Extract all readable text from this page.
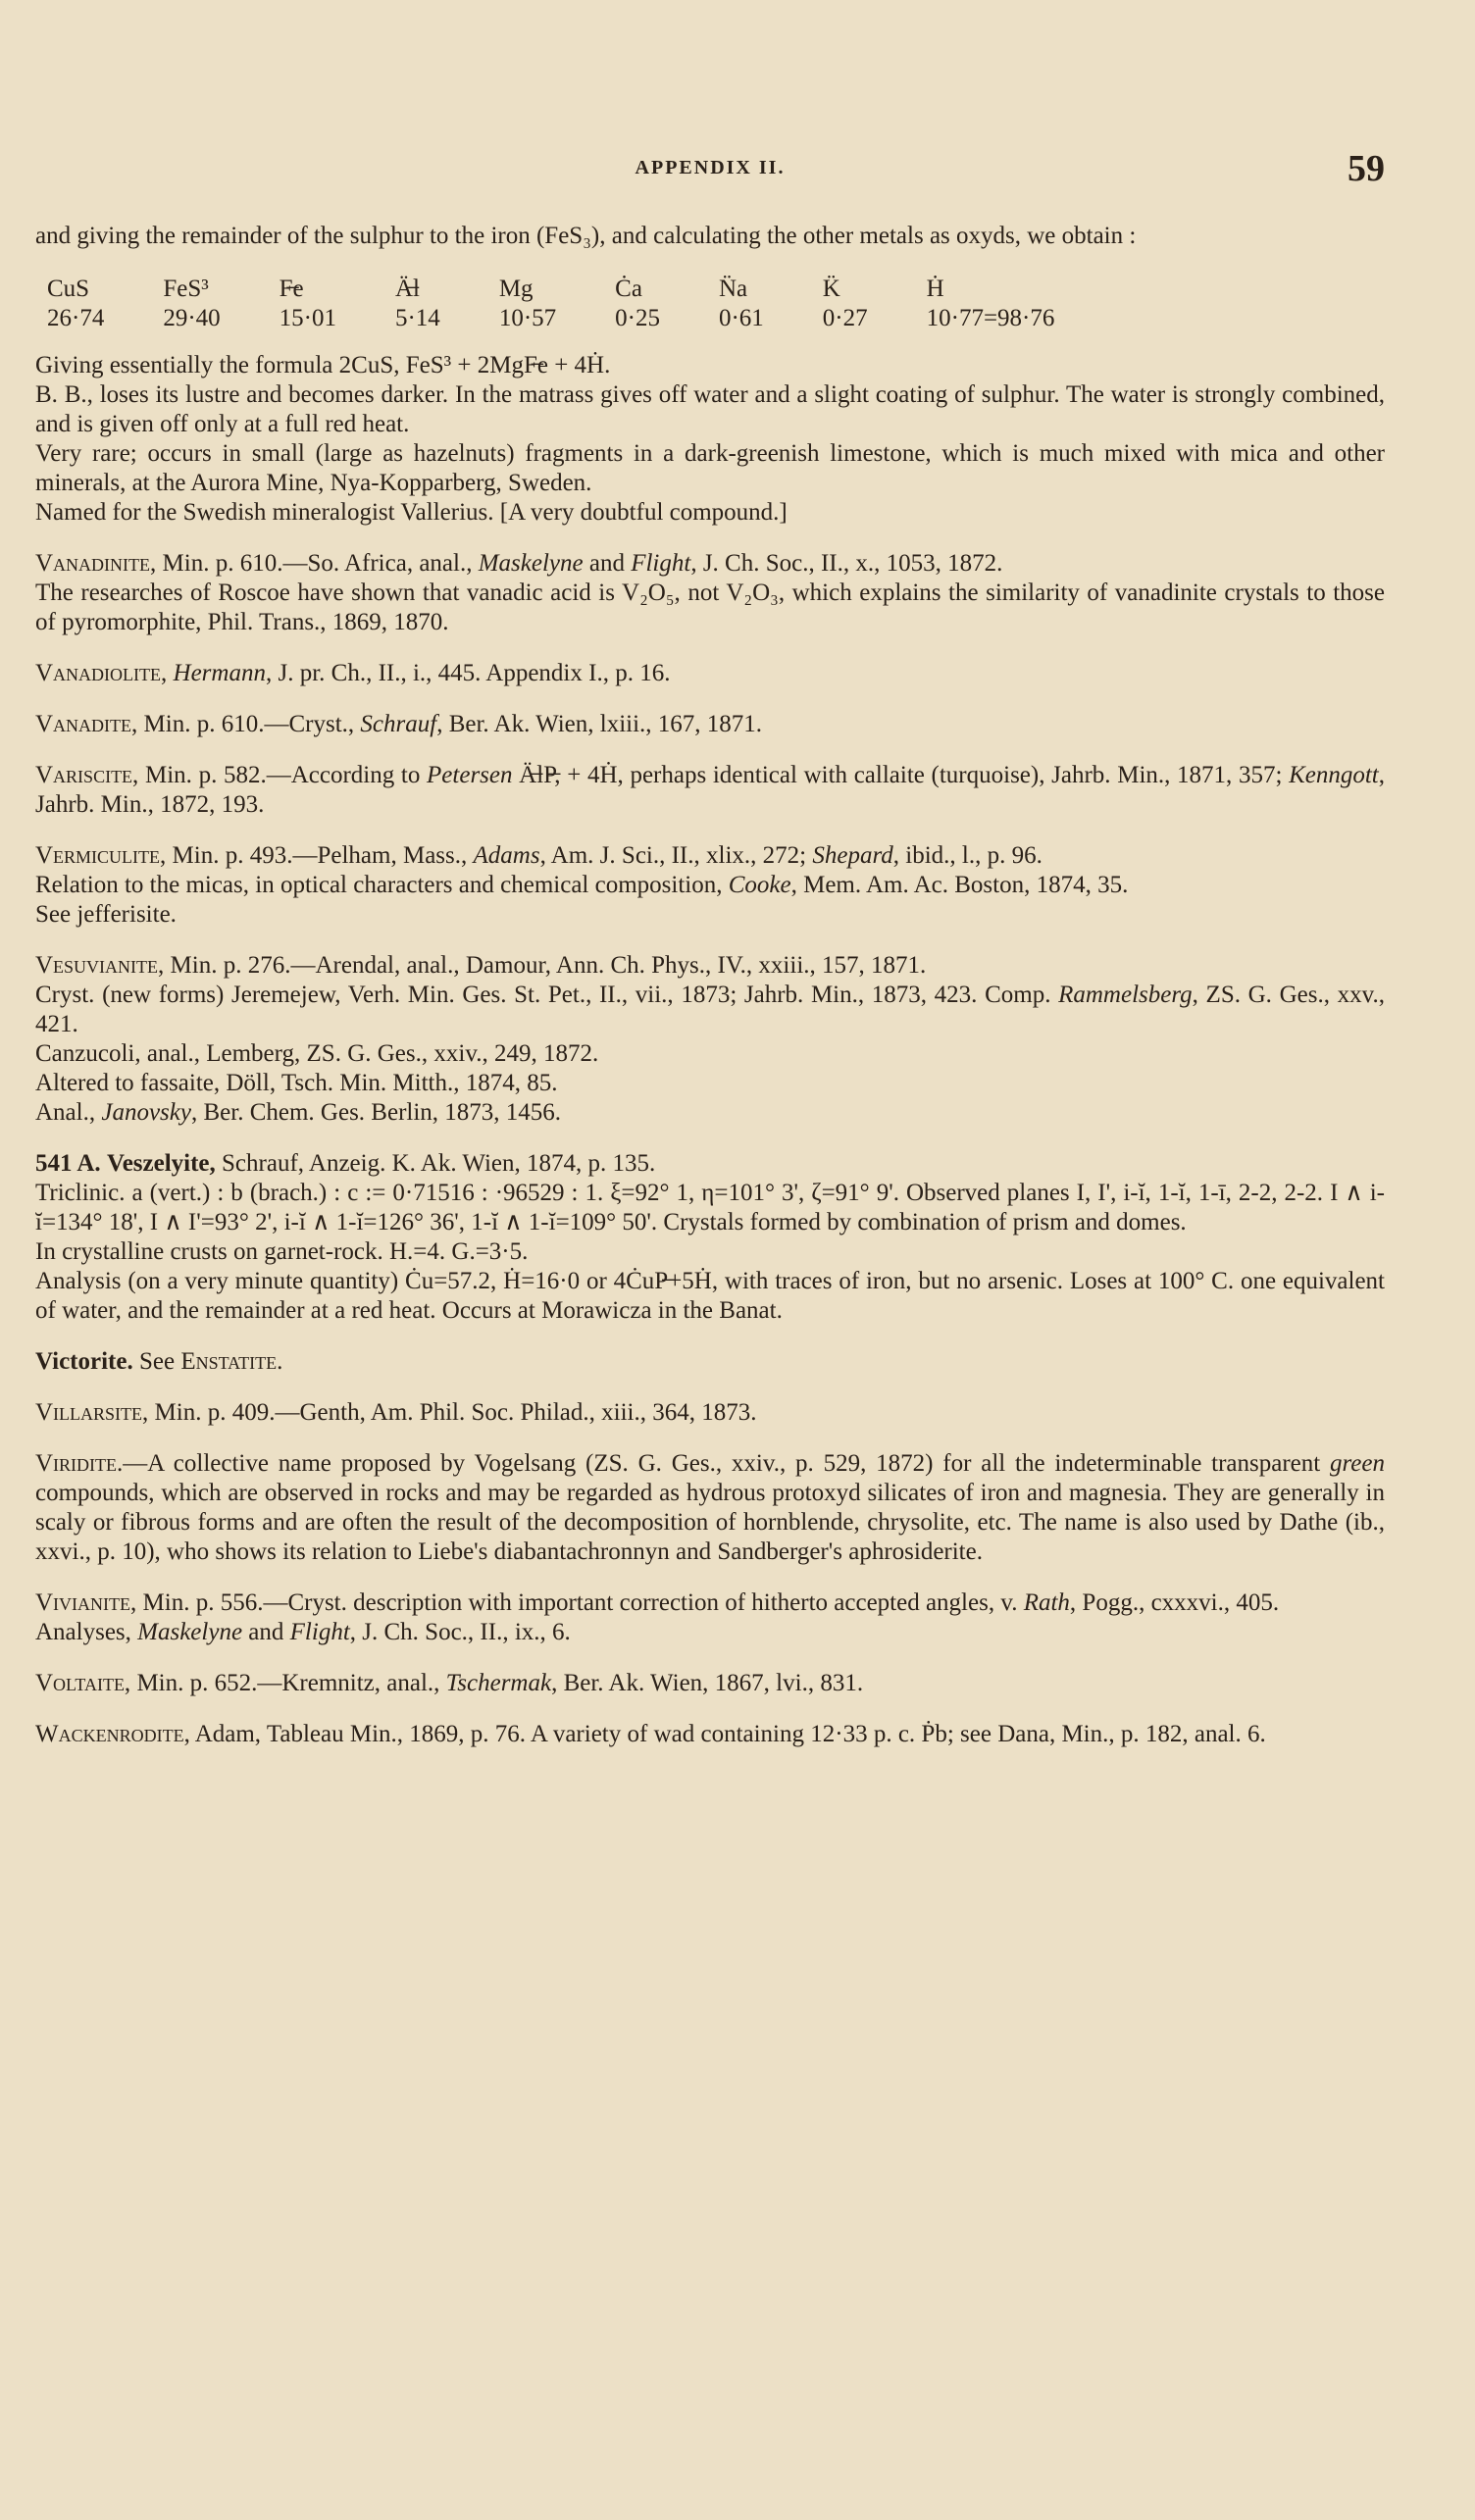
APPENDIX II.	59

and giving the remainder of the sulphur to the iron (FeS₃), and calculating the other metals as oxyds, we obtain :

CuS	FeS³	F̶e	Ä̶l	Mg	Ċa	N̈a	K̈	Ḣ
26·74	29·40	15·01	5·14	10·57	0·25	0·61	0·27	10·77=98·76

Giving essentially the formula 2CuS, FeS³ + 2MgF̶e + 4Ḣ.

B. B., loses its lustre and becomes darker. In the matrass gives off water and a slight coating of sulphur. The water is strongly combined, and is given off only at a full red heat.

Very rare; occurs in small (large as hazelnuts) fragments in a dark-greenish limestone, which is much mixed with mica and other minerals, at the Aurora Mine, Nya-Kopparberg, Sweden.

Named for the Swedish mineralogist Vallerius. [A very doubtful compound.]

Vanadinite, Min. p. 610.—So. Africa, anal., Maskelyne and Flight, J. Ch. Soc., II., x., 1053, 1872.

The researches of Roscoe have shown that vanadic acid is V₂O₅, not V₂O₃, which explains the similarity of vanadinite crystals to those of pyromorphite, Phil. Trans., 1869, 1870.

Vanadiolite, Hermann, J. pr. Ch., II., i., 445. Appendix I., p. 16.

Vanadite, Min. p. 610.—Cryst., Schrauf, Ber. Ak. Wien, lxiii., 167, 1871.

Variscite, Min. p. 582.—According to Petersen Ä̶lP̶, + 4Ḣ, perhaps identical with callaite (turquoise), Jahrb. Min., 1871, 357; Kenngott, Jahrb. Min., 1872, 193.

Vermiculite, Min. p. 493.—Pelham, Mass., Adams, Am. J. Sci., II., xlix., 272; Shepard, ibid., l., p. 96.

Relation to the micas, in optical characters and chemical composition, Cooke, Mem. Am. Ac. Boston, 1874, 35.

See jefferisite.

Vesuvianite, Min. p. 276.—Arendal, anal., Damour, Ann. Ch. Phys., IV., xxiii., 157, 1871.

Cryst. (new forms) Jeremejew, Verh. Min. Ges. St. Pet., II., vii., 1873; Jahrb. Min., 1873, 423. Comp. Rammelsberg, ZS. G. Ges., xxv., 421.

Canzucoli, anal., Lemberg, ZS. G. Ges., xxiv., 249, 1872.

Altered to fassaite, Döll, Tsch. Min. Mitth., 1874, 85.

Anal., Janovsky, Ber. Chem. Ges. Berlin, 1873, 1456.

541 A. Veszelyite, Schrauf, Anzeig. K. Ak. Wien, 1874, p. 135.

Triclinic. a (vert.) : b (brach.) : c := 0·71516 : ·96529 : 1. ξ=92° 1, η=101° 3', ζ=91° 9'. Observed planes I, I', i-ĭ, 1-ĭ, 1-ī, 2-2, 2-2. I ∧ i-ĭ=134° 18', I ∧ I'=93° 2', i-ĭ ∧ 1-ĭ=126° 36', 1-ĭ ∧ 1-ĭ=109° 50'. Crystals formed by combination of prism and domes.

In crystalline crusts on garnet-rock. H.=4. G.=3·5.

Analysis (on a very minute quantity) Ċu=57.2, Ḣ=16·0 or 4ĊuP̶+5Ḣ, with traces of iron, but no arsenic. Loses at 100° C. one equivalent of water, and the remainder at a red heat. Occurs at Morawicza in the Banat.

Victorite. See Enstatite.

Villarsite, Min. p. 409.—Genth, Am. Phil. Soc. Philad., xiii., 364, 1873.

Viridite.—A collective name proposed by Vogelsang (ZS. G. Ges., xxiv., p. 529, 1872) for all the indeterminable transparent green compounds, which are observed in rocks and may be regarded as hydrous protoxyd silicates of iron and magnesia. They are generally in scaly or fibrous forms and are often the result of the decomposition of hornblende, chrysolite, etc. The name is also used by Dathe (ib., xxvi., p. 10), who shows its relation to Liebe's diabantachronnyn and Sandberger's aphrosiderite.

Vivianite, Min. p. 556.—Cryst. description with important correction of hitherto accepted angles, v. Rath, Pogg., cxxxvi., 405.

Analyses, Maskelyne and Flight, J. Ch. Soc., II., ix., 6.

Voltaite, Min. p. 652.—Kremnitz, anal., Tschermak, Ber. Ak. Wien, 1867, lvi., 831.

Wackenrodite, Adam, Tableau Min., 1869, p. 76. A variety of wad containing 12·33 p. c. Ṗb; see Dana, Min., p. 182, anal. 6.
